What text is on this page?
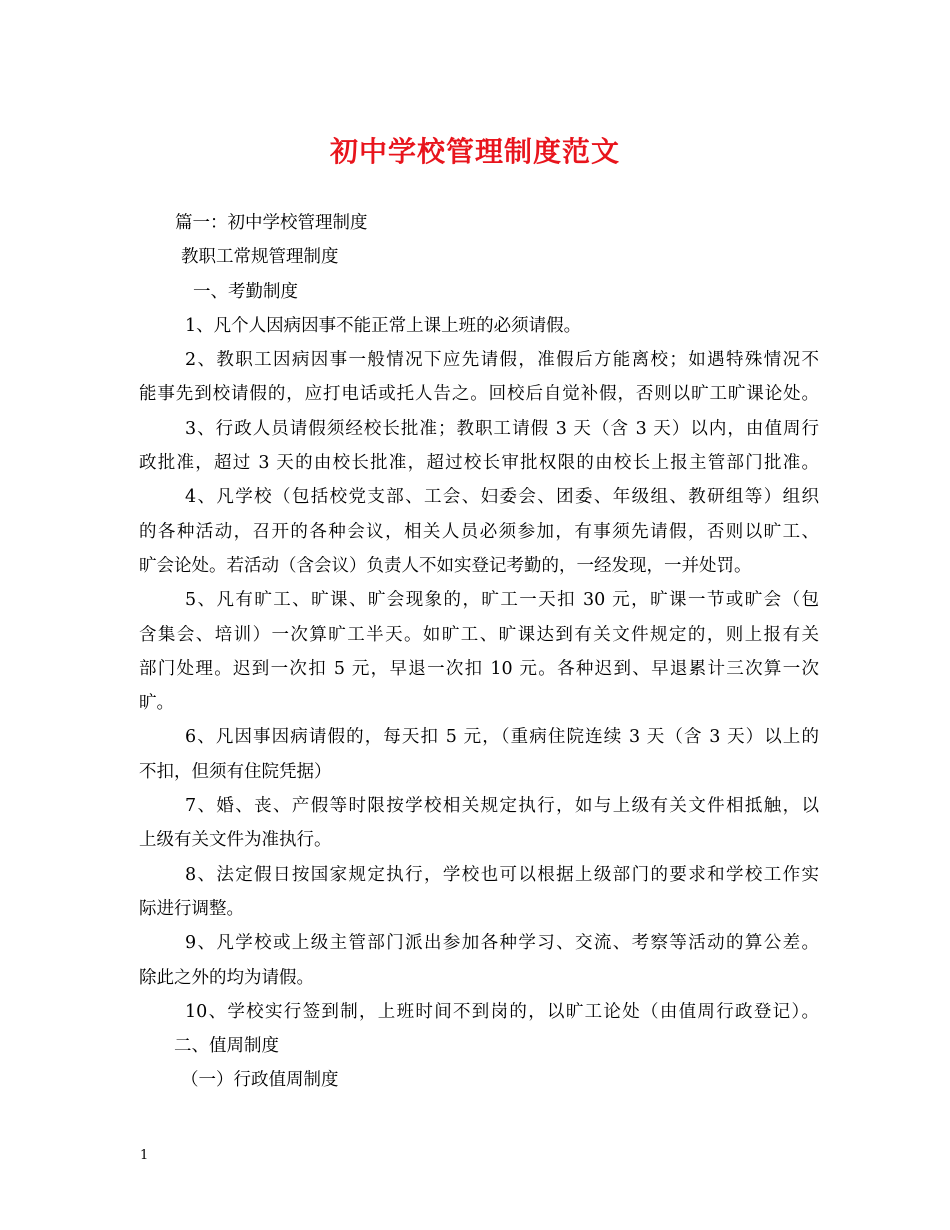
初中学校管理制度范文

篇一：初中学校管理制度

教职工常规管理制度

一、考勤制度

1、凡个人因病因事不能正常上课上班的必须请假。

2、教职工因病因事一般情况下应先请假，准假后方能离校；如遇特殊情况不

能事先到校请假的，应打电话或托人告之。回校后自觉补假，否则以旷工旷课论处。

3、行政人员请假须经校长批准；教职工请假 3 天（含 3 天）以内，由值周行

政批准，超过 3 天的由校长批准，超过校长审批权限的由校长上报主管部门批准。

4、凡学校（包括校党支部、工会、妇委会、团委、年级组、教研组等）组织

的各种活动，召开的各种会议，相关人员必须参加，有事须先请假，否则以旷工、

旷会论处。若活动（含会议）负责人不如实登记考勤的，一经发现，一并处罚。

5、凡有旷工、旷课、旷会现象的，旷工一天扣 30 元，旷课一节或旷会（包

含集会、培训）一次算旷工半天。如旷工、旷课达到有关文件规定的，则上报有关

部门处理。迟到一次扣 5 元，早退一次扣 10 元。各种迟到、早退累计三次算一次

旷。

6、凡因事因病请假的，每天扣 5 元，（重病住院连续 3 天（含 3 天）以上的

不扣，但须有住院凭据）

7、婚、丧、产假等时限按学校相关规定执行，如与上级有关文件相抵触，以

上级有关文件为准执行。

8、法定假日按国家规定执行，学校也可以根据上级部门的要求和学校工作实

际进行调整。

9、凡学校或上级主管部门派出参加各种学习、交流、考察等活动的算公差。

除此之外的均为请假。

10、学校实行签到制，上班时间不到岗的，以旷工论处（由值周行政登记）。

二、值周制度

（一）行政值周制度

1
